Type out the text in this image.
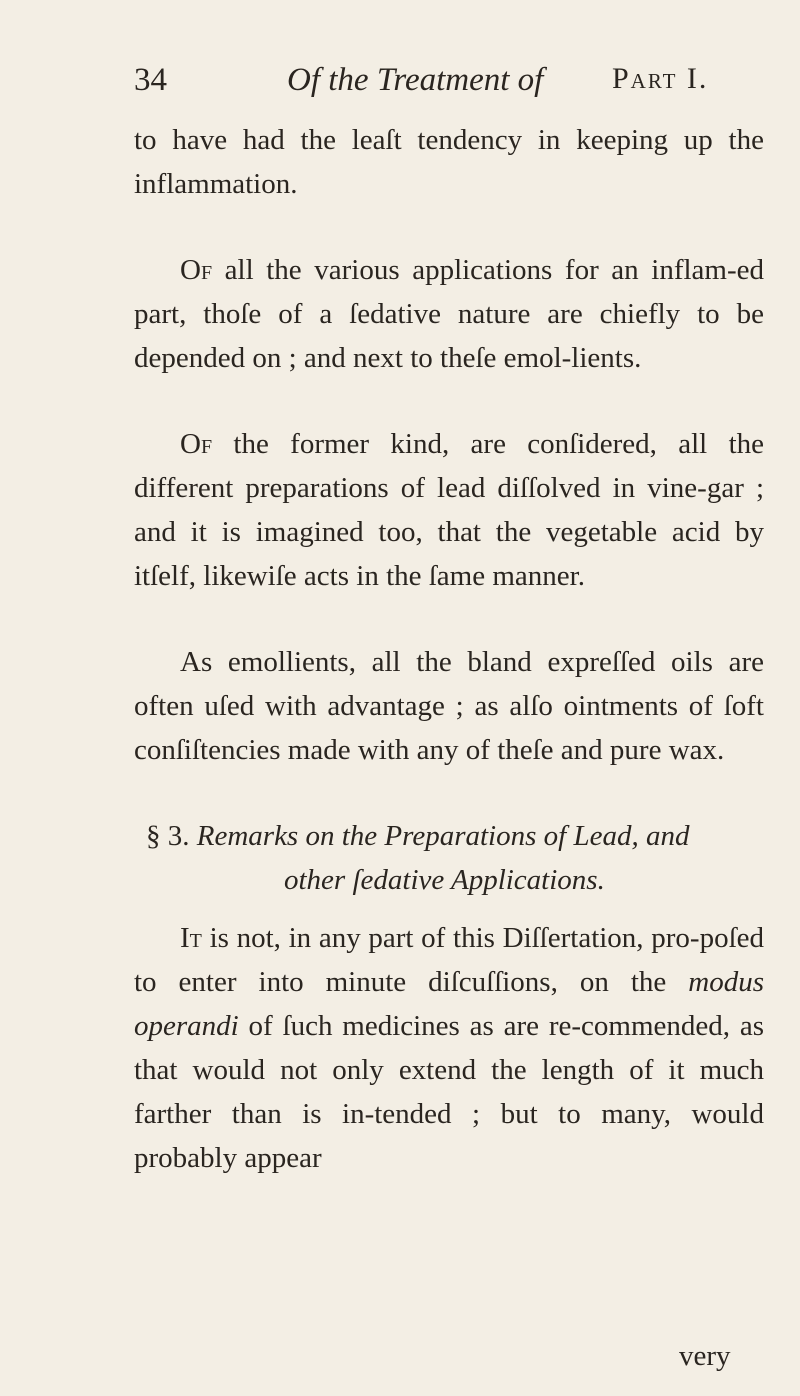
34	Of the Treatment of Part I.

to have had the leaſt tendency in keeping up the inflammation.

Of all the various applications for an inflam-ed part, thoſe of a ſedative nature are chiefly to be depended on ; and next to theſe emol-lients.

Of the former kind, are conſidered, all the different preparations of lead diſſolved in vine-gar ; and it is imagined too, that the vegetable acid by itſelf, likewiſe acts in the ſame manner.

As emollients, all the bland expreſſed oils are often uſed with advantage ; as alſo ointments of ſoft conſiſtencies made with any of theſe and pure wax.

§ 3. Remarks on the Preparations of Lead, and
other ſedative Applications.

It is not, in any part of this Diſſertation, pro-poſed to enter into minute diſcuſſions, on the modus operandi of ſuch medicines as are re-commended, as that would not only extend the length of it much farther than is in-tended ; but to many, would probably appear

very
